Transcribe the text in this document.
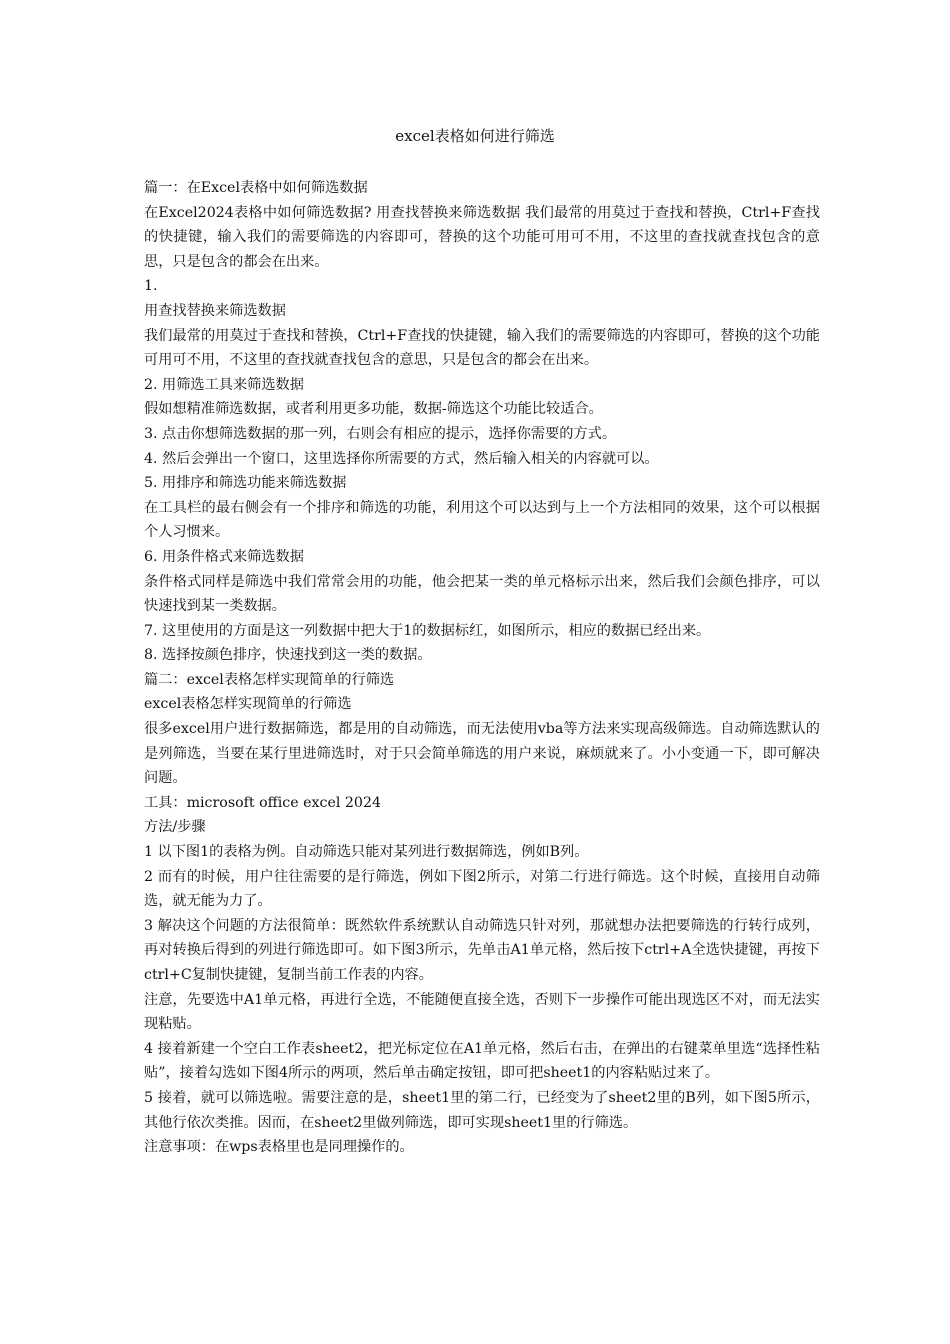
excel表格如何进行筛选

篇一：在Excel表格中如何筛选数据

在Excel2024表格中如何筛选数据? 用查找替换来筛选数据 我们最常的用莫过于查找和替换，Ctrl+F查找的快捷键，输入我们的需要筛选的内容即可，替换的这个功能可用可不用，不这里的查找就查找包含的意思，只是包含的都会在出来。

1.

用查找替换来筛选数据

我们最常的用莫过于查找和替换，Ctrl+F查找的快捷键，输入我们的需要筛选的内容即可，替换的这个功能可用可不用，不这里的查找就查找包含的意思，只是包含的都会在出来。

2. 用筛选工具来筛选数据

假如想精准筛选数据，或者利用更多功能，数据-筛选这个功能比较适合。

3. 点击你想筛选数据的那一列，右则会有相应的提示，选择你需要的方式。

4. 然后会弹出一个窗口，这里选择你所需要的方式，然后输入相关的内容就可以。

5. 用排序和筛选功能来筛选数据

在工具栏的最右侧会有一个排序和筛选的功能，利用这个可以达到与上一个方法相同的效果，这个可以根据个人习惯来。

6. 用条件格式来筛选数据

条件格式同样是筛选中我们常常会用的功能，他会把某一类的单元格标示出来，然后我们会颜色排序，可以快速找到某一类数据。

7. 这里使用的方面是这一列数据中把大于1的数据标红，如图所示，相应的数据已经出来。

8. 选择按颜色排序，快速找到这一类的数据。

篇二：excel表格怎样实现简单的行筛选

excel表格怎样实现简单的行筛选

很多excel用户进行数据筛选，都是用的自动筛选，而无法使用vba等方法来实现高级筛选。自动筛选默认的是列筛选，当要在某行里进筛选时，对于只会简单筛选的用户来说，麻烦就来了。小小变通一下，即可解决问题。

工具：microsoft office excel 2024

方法/步骤

1 以下图1的表格为例。自动筛选只能对某列进行数据筛选，例如B列。

2 而有的时候，用户往往需要的是行筛选，例如下图2所示，对第二行进行筛选。这个时候，直接用自动筛选，就无能为力了。

3 解决这个问题的方法很简单：既然软件系统默认自动筛选只针对列，那就想办法把要筛选的行转行成列，再对转换后得到的列进行筛选即可。如下图3所示，先单击A1单元格，然后按下ctrl+A全选快捷键，再按下ctrl+C复制快捷键，复制当前工作表的内容。

注意，先要选中A1单元格，再进行全选，不能随便直接全选，否则下一步操作可能出现选区不对，而无法实现粘贴。

4 接着新建一个空白工作表sheet2，把光标定位在A1单元格，然后右击，在弹出的右键菜单里选“选择性粘贴”，接着勾选如下图4所示的两项，然后单击确定按钮，即可把sheet1的内容粘贴过来了。

5 接着，就可以筛选啦。需要注意的是，sheet1里的第二行，已经变为了sheet2里的B列，如下图5所示，其他行依次类推。因而，在sheet2里做列筛选，即可实现sheet1里的行筛选。

注意事项：在wps表格里也是同理操作的。
